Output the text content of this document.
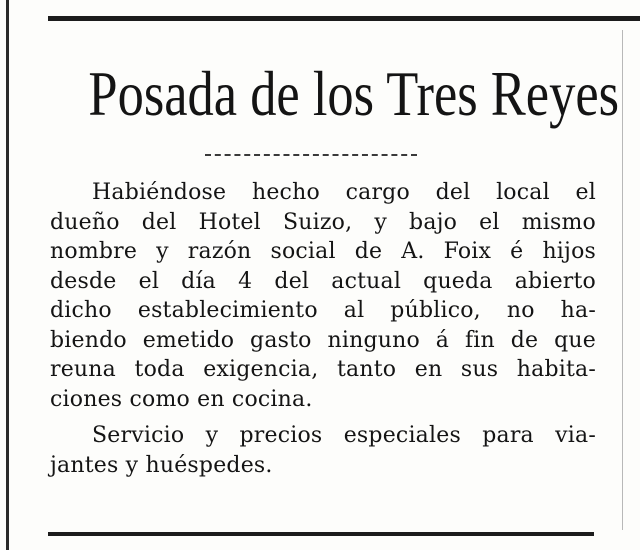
Posada de los Tres Reyes
Habiéndose hecho cargo del local el
dueño del Hotel Suizo, y bajo el mismo
nombre y razón social de A. Foix é hijos
desde el día 4 del actual queda abierto
dicho establecimiento al público, no ha-
biendo emetido gasto ninguno á fin de que
reuna toda exigencia, tanto en sus habita-
ciones como en cocina.
Servicio y precios especiales para via-
jantes y huéspedes.
